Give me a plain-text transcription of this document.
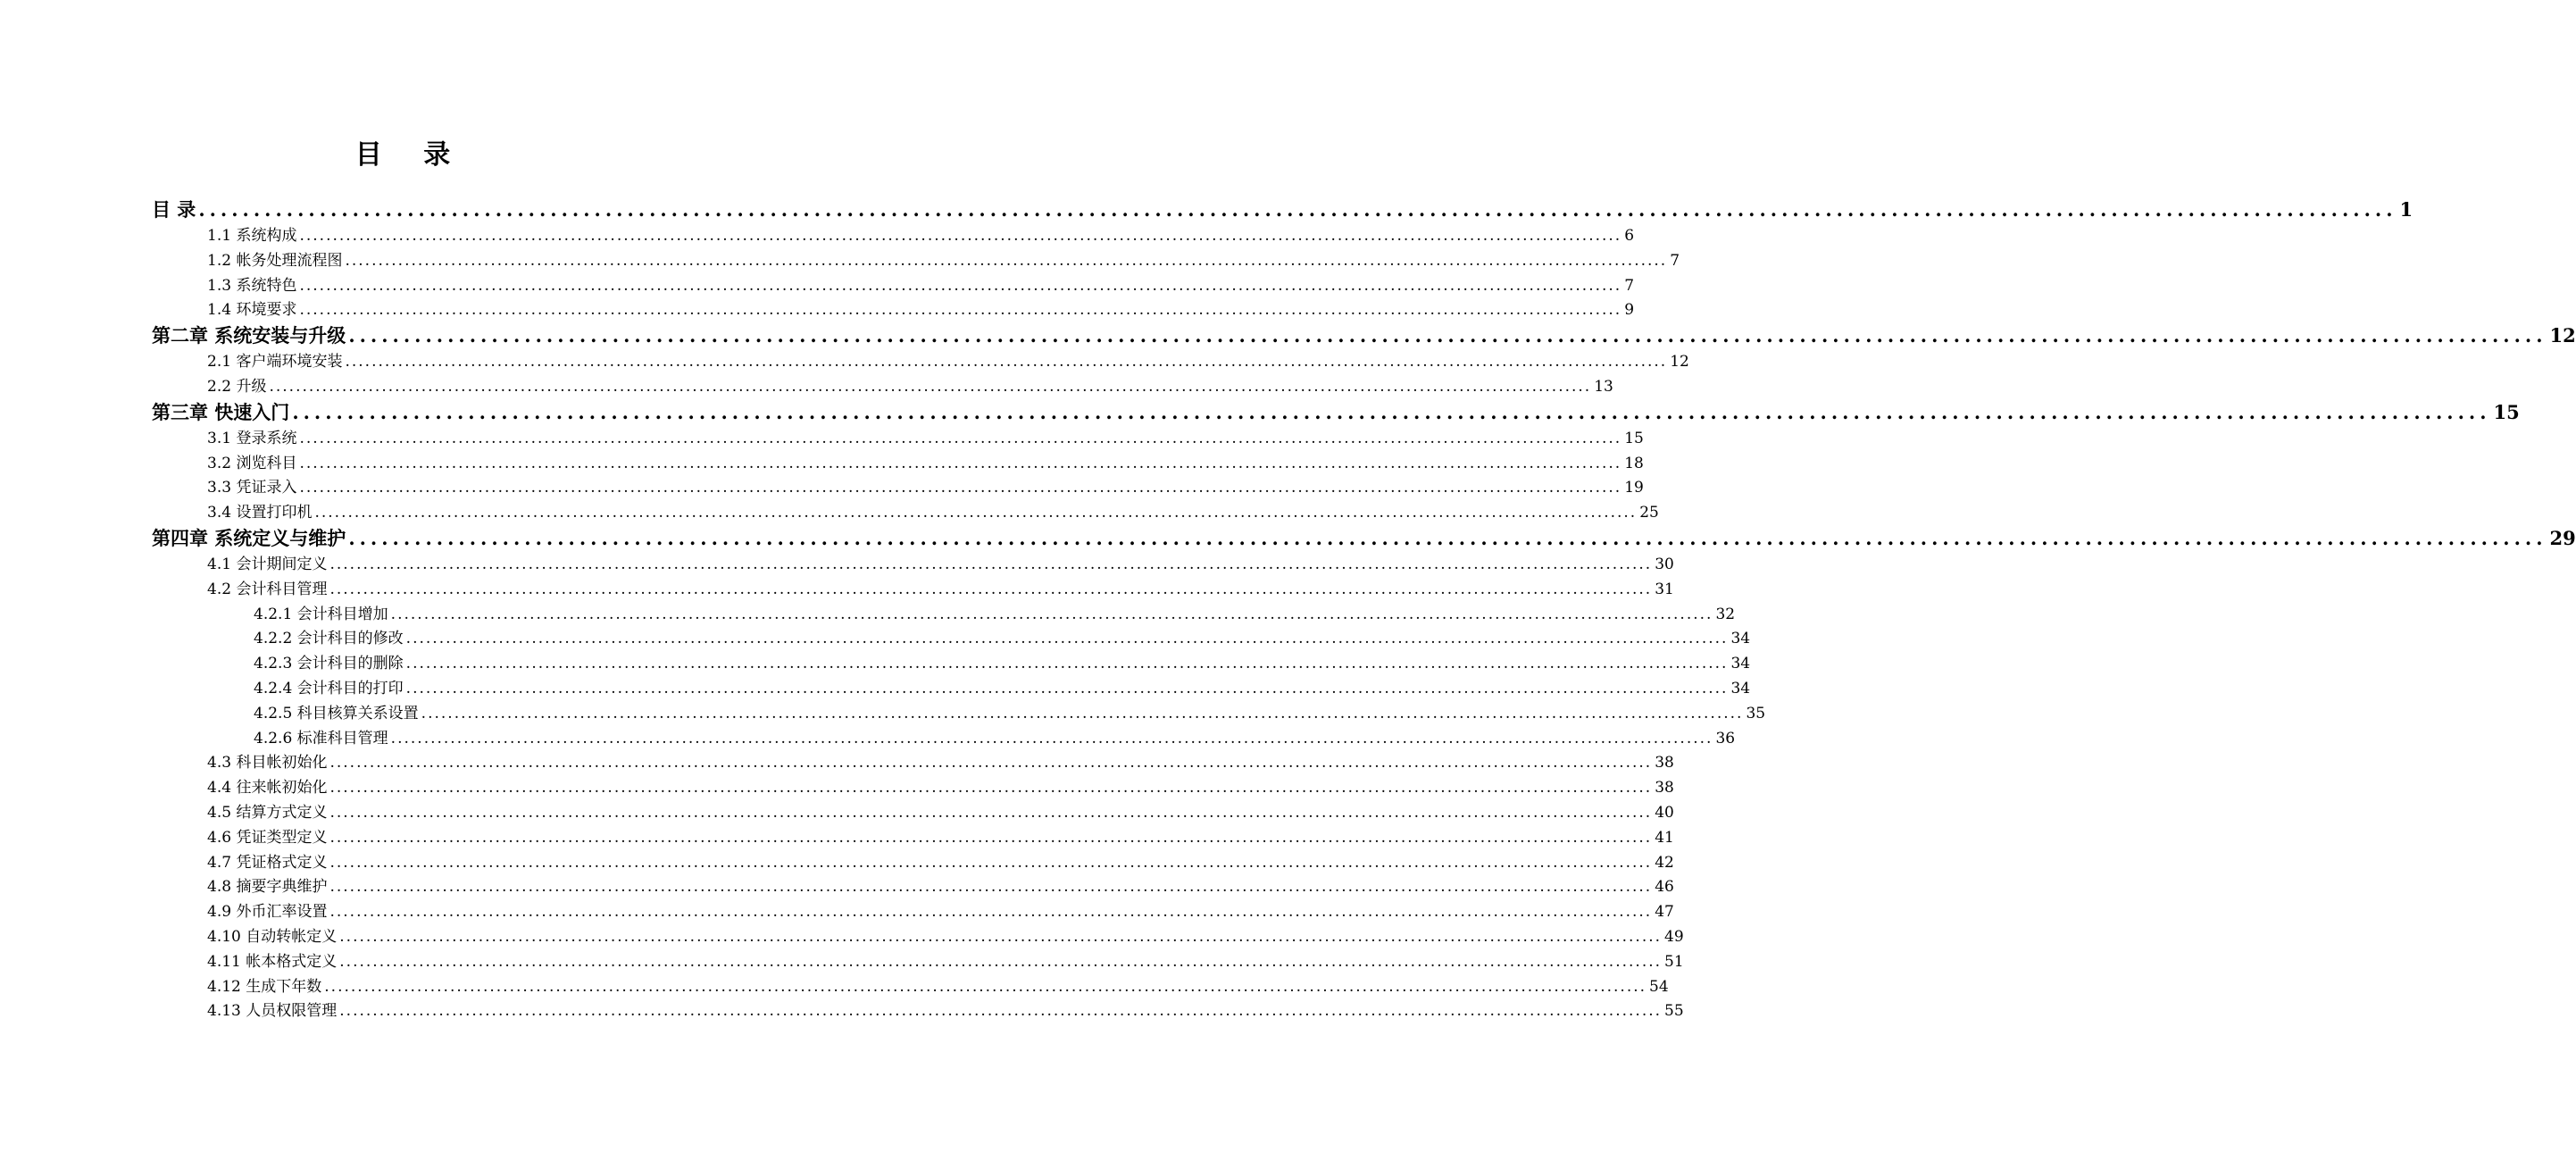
目 录
目 录 ........................................................................................................................................................................................................ 1
1.1 系统构成 ........................................................................................................................................................................................................ 6
1.2 帐务处理流程图 ........................................................................................................................................................................................................ 7
1.3 系统特色 ........................................................................................................................................................................................................ 7
1.4 环境要求 ........................................................................................................................................................................................................ 9
第二章 系统安装与升级 ........................................................................................................................................................................................................ 12
2.1 客户端环境安装 ........................................................................................................................................................................................................ 12
2.2 升级 ........................................................................................................................................................................................................ 13
第三章 快速入门 ........................................................................................................................................................................................................ 15
3.1 登录系统 ........................................................................................................................................................................................................ 15
3.2 浏览科目 ........................................................................................................................................................................................................ 18
3.3 凭证录入 ........................................................................................................................................................................................................ 19
3.4 设置打印机 ........................................................................................................................................................................................................ 25
第四章 系统定义与维护 ........................................................................................................................................................................................................ 29
4.1 会计期间定义 ........................................................................................................................................................................................................ 30
4.2 会计科目管理 ........................................................................................................................................................................................................ 31
4.2.1 会计科目增加 ........................................................................................................................................................................................................ 32
4.2.2 会计科目的修改 ........................................................................................................................................................................................................ 34
4.2.3 会计科目的删除 ........................................................................................................................................................................................................ 34
4.2.4 会计科目的打印 ........................................................................................................................................................................................................ 34
4.2.5 科目核算关系设置 ........................................................................................................................................................................................................ 35
4.2.6 标准科目管理 ........................................................................................................................................................................................................ 36
4.3 科目帐初始化 ........................................................................................................................................................................................................ 38
4.4 往来帐初始化 ........................................................................................................................................................................................................ 38
4.5 结算方式定义 ........................................................................................................................................................................................................ 40
4.6 凭证类型定义 ........................................................................................................................................................................................................ 41
4.7 凭证格式定义 ........................................................................................................................................................................................................ 42
4.8 摘要字典维护 ........................................................................................................................................................................................................ 46
4.9 外币汇率设置 ........................................................................................................................................................................................................ 47
4.10 自动转帐定义 ........................................................................................................................................................................................................ 49
4.11 帐本格式定义 ........................................................................................................................................................................................................ 51
4.12 生成下年数 ........................................................................................................................................................................................................ 54
4.13 人员权限管理 ........................................................................................................................................................................................................ 55
